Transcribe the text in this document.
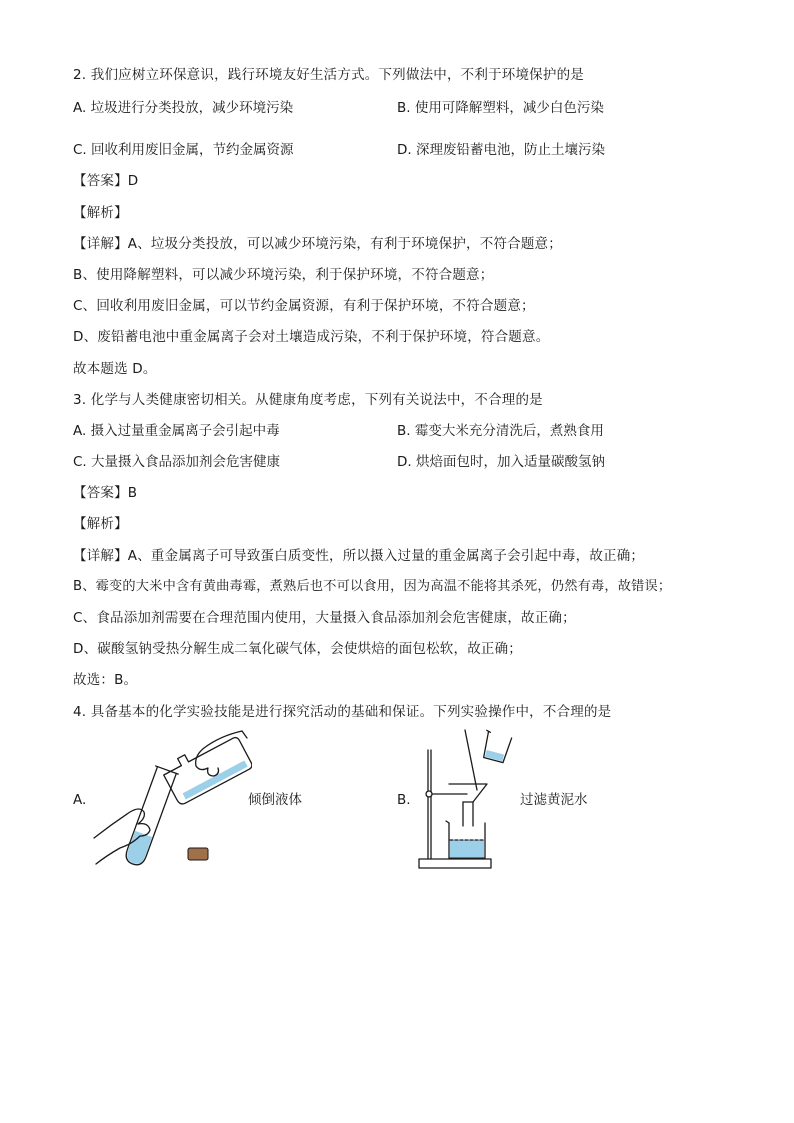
2. 我们应树立环保意识，践行环境友好生活方式。下列做法中，不利于环境保护的是
A. 垃圾进行分类投放，减少环境污染	B. 使用可降解塑料，减少白色污染
C. 回收利用废旧金属，节约金属资源	D. 深理废铅蓄电池，防止土壤污染
【答案】D
【解析】
【详解】A、垃圾分类投放，可以减少环境污染，有利于环境保护，不符合题意；
B、使用降解塑料，可以减少环境污染，利于保护环境，不符合题意；
C、回收利用废旧金属，可以节约金属资源，有利于保护环境，不符合题意；
D、废铅蓄电池中重金属离子会对土壤造成污染，不利于保护环境，符合题意。
故本题选 D。
3. 化学与人类健康密切相关。从健康角度考虑，下列有关说法中，不合理的是
A. 摄入过量重金属离子会引起中毒	B. 霉变大米充分清洗后，煮熟食用
C. 大量摄入食品添加剂会危害健康	D. 烘焙面包时，加入适量碳酸氢钠
【答案】B
【解析】
【详解】A、重金属离子可导致蛋白质变性，所以摄入过量的重金属离子会引起中毒，故正确；
B、霉变的大米中含有黄曲毒霉，煮熟后也不可以食用，因为高温不能将其杀死，仍然有毒，故错误；
C、食品添加剂需要在合理范围内使用，大量摄入食品添加剂会危害健康，故正确；
D、碳酸氢钠受热分解生成二氧化碳气体，会使烘焙的面包松软，故正确；
故选：B。
4. 具备基本的化学实验技能是进行探究活动的基础和保证。下列实验操作中，不合理的是
A.	倾倒液体	B.	过滤黄泥水
